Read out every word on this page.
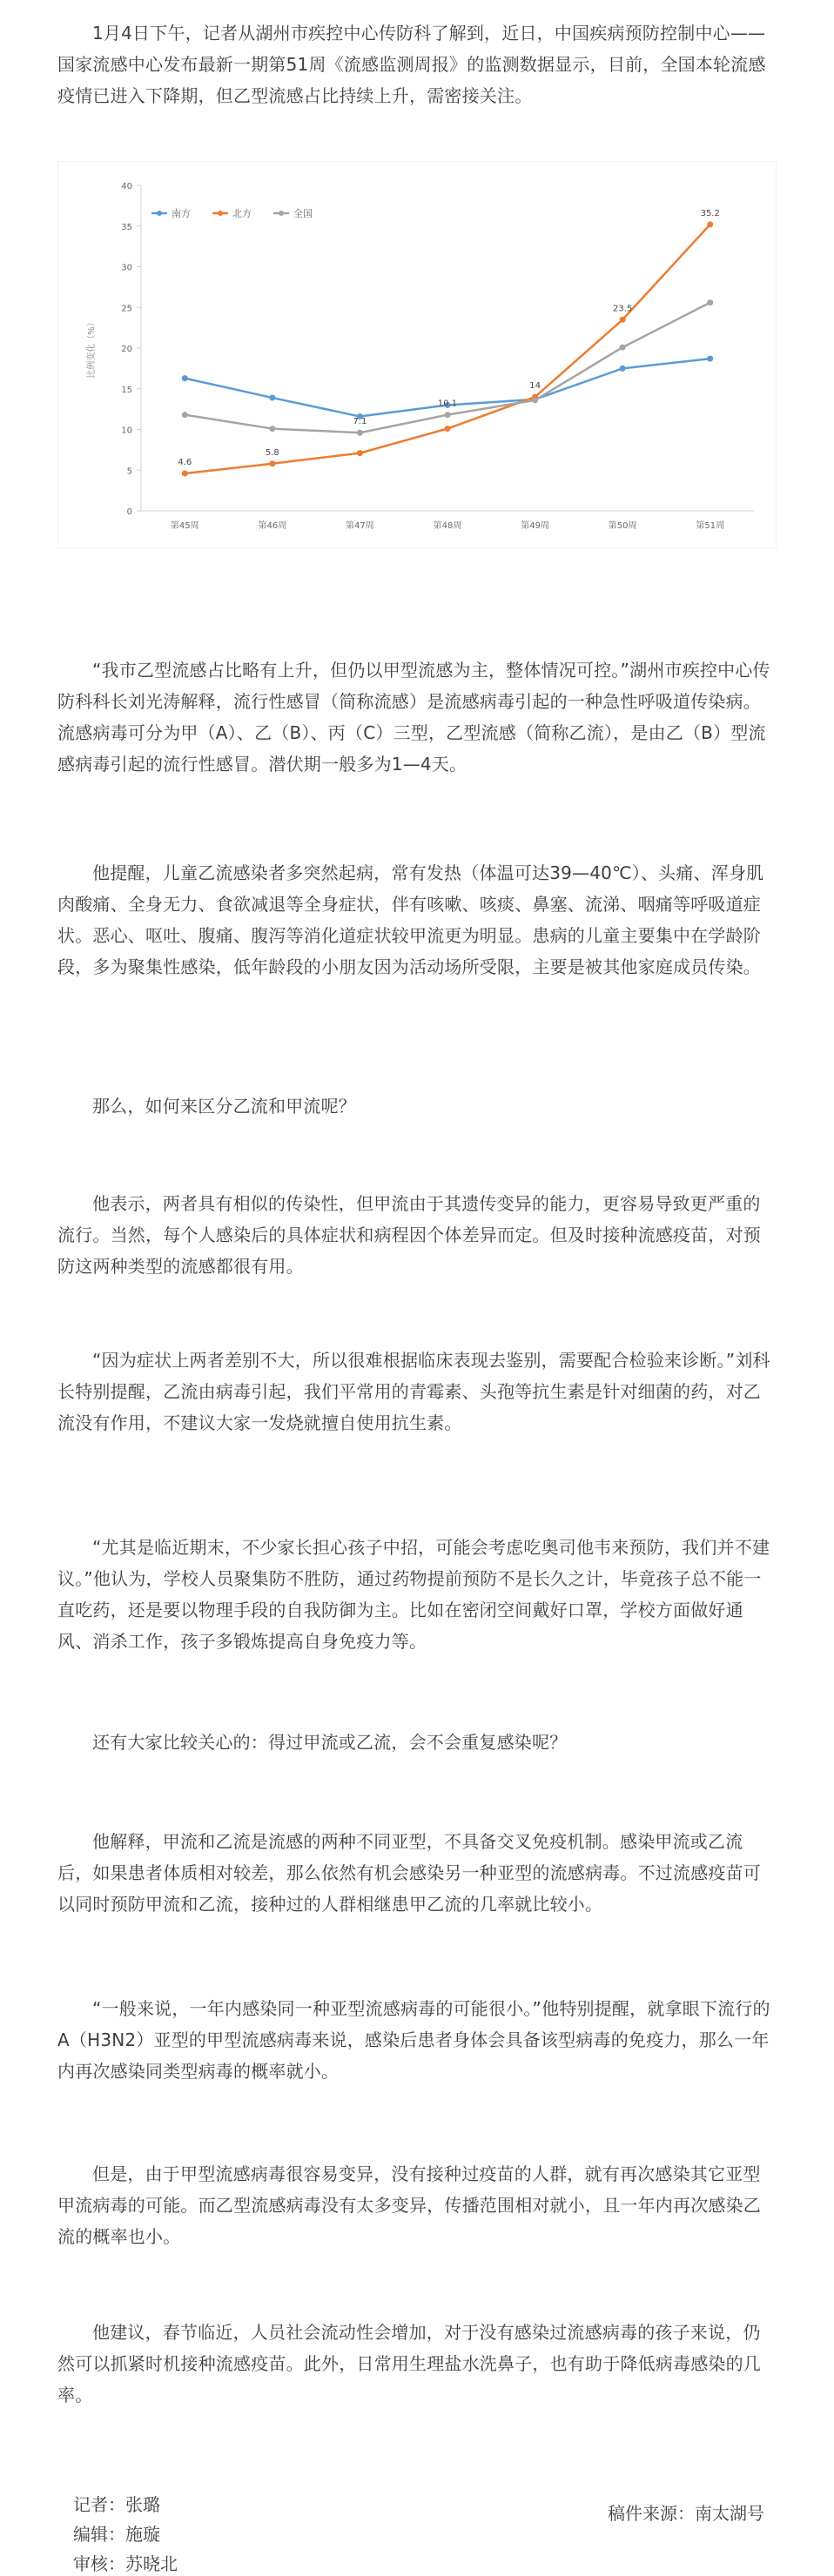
1月4日下午，记者从湖州市疾控中心传防科了解到，近日，中国疾病预防控制中心——国家流感中心发布最新一期第51周《流感监测周报》的监测数据显示，目前，全国本轮流感疫情已进入下降期，但乙型流感占比持续上升，需密接关注。

0
5
10
15
20
25
30
35
40
第45周	第46周	第47周	第48周	第49周	第50周	第51周
比例变化（%）
4.6
5.8
14
23.5
35.2
7.1
10.1
南方	北方	全国

“我市乙型流感占比略有上升，但仍以甲型流感为主，整体情况可控。”湖州市疾控中心传防科科长刘光涛解释，流行性感冒（简称流感）是流感病毒引起的一种急性呼吸道传染病。流感病毒可分为甲（A）、乙（B）、丙（C）三型，乙型流感（简称乙流），是由乙（B）型流感病毒引起的流行性感冒。潜伏期一般多为1—4天。

他提醒，儿童乙流感染者多突然起病，常有发热（体温可达39—40℃）、头痛、浑身肌肉酸痛、全身无力、食欲减退等全身症状，伴有咳嗽、咳痰、鼻塞、流涕、咽痛等呼吸道症状。恶心、呕吐、腹痛、腹泻等消化道症状较甲流更为明显。患病的儿童主要集中在学龄阶段，多为聚集性感染，低年龄段的小朋友因为活动场所受限，主要是被其他家庭成员传染。

那么，如何来区分乙流和甲流呢？

他表示，两者具有相似的传染性，但甲流由于其遗传变异的能力，更容易导致更严重的流行。当然，每个人感染后的具体症状和病程因个体差异而定。但及时接种流感疫苗，对预防这两种类型的流感都很有用。

“因为症状上两者差别不大，所以很难根据临床表现去鉴别，需要配合检验来诊断。”刘科长特别提醒，乙流由病毒引起，我们平常用的青霉素、头孢等抗生素是针对细菌的药，对乙流没有作用，不建议大家一发烧就擅自使用抗生素。

“尤其是临近期末，不少家长担心孩子中招，可能会考虑吃奥司他韦来预防，我们并不建议。”他认为，学校人员聚集防不胜防，通过药物提前预防不是长久之计，毕竟孩子总不能一直吃药，还是要以物理手段的自我防御为主。比如在密闭空间戴好口罩，学校方面做好通风、消杀工作，孩子多锻炼提高自身免疫力等。

还有大家比较关心的：得过甲流或乙流，会不会重复感染呢？

他解释，甲流和乙流是流感的两种不同亚型，不具备交叉免疫机制。感染甲流或乙流后，如果患者体质相对较差，那么依然有机会感染另一种亚型的流感病毒。不过流感疫苗可以同时预防甲流和乙流，接种过的人群相继患甲乙流的几率就比较小。

“一般来说，一年内感染同一种亚型流感病毒的可能很小。”他特别提醒，就拿眼下流行的A（H3N2）亚型的甲型流感病毒来说，感染后患者身体会具备该型病毒的免疫力，那么一年内再次感染同类型病毒的概率就小。

但是，由于甲型流感病毒很容易变异，没有接种过疫苗的人群，就有再次感染其它亚型甲流病毒的可能。而乙型流感病毒没有太多变异，传播范围相对就小，且一年内再次感染乙流的概率也小。

他建议，春节临近，人员社会流动性会增加，对于没有感染过流感病毒的孩子来说，仍然可以抓紧时机接种流感疫苗。此外，日常用生理盐水洗鼻子，也有助于降低病毒感染的几率。

记者：张璐

编辑：施璇

审核：苏晓北

稿件来源：南太湖号
